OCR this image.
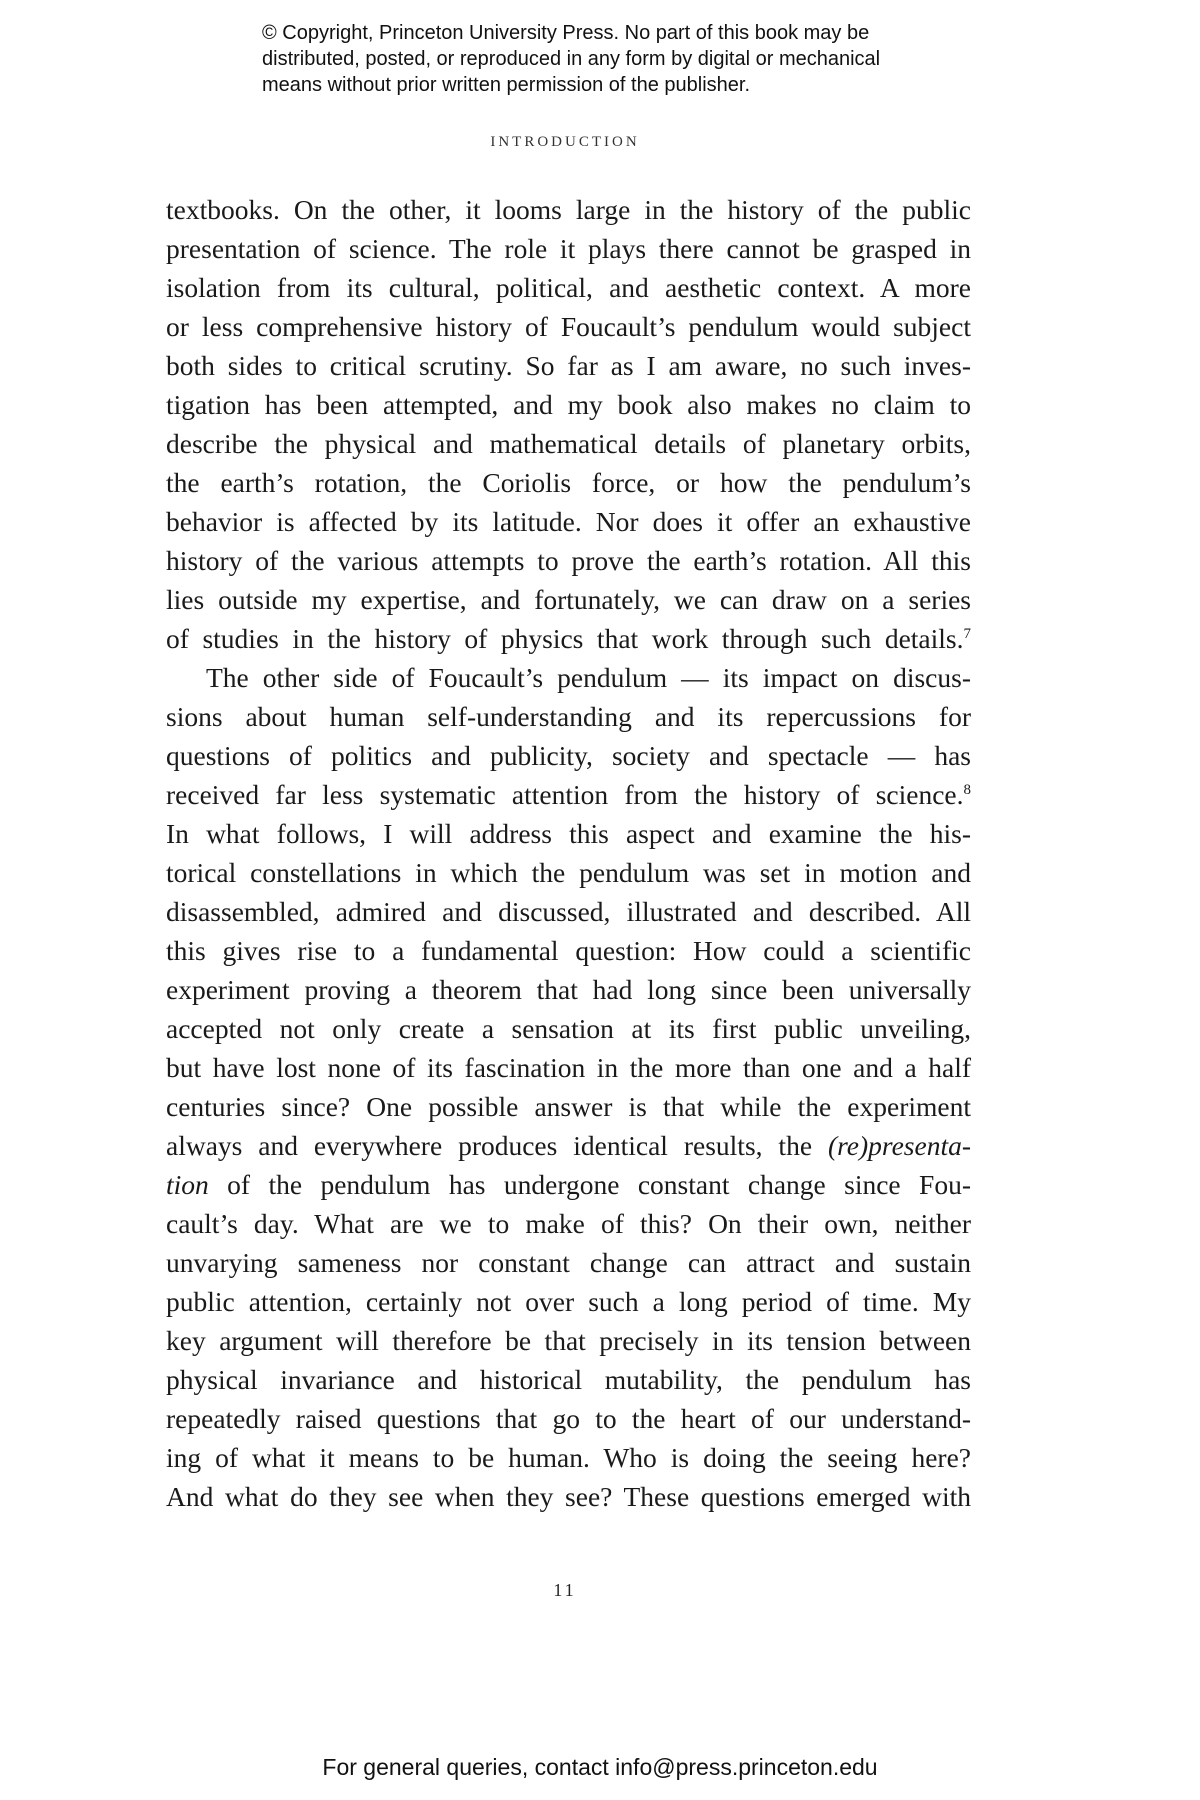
© Copyright, Princeton University Press. No part of this book may be
distributed, posted, or reproduced in any form by digital or mechanical
means without prior written permission of the publisher.
INTRODUCTION
textbooks. On the other, it looms large in the history of the public
presentation of science. The role it plays there cannot be grasped in
isolation from its cultural, political, and aesthetic context. A more
or less comprehensive history of Foucault’s pendulum would subject
both sides to critical scrutiny. So far as I am aware, no such inves-
tigation has been attempted, and my book also makes no claim to
describe the physical and mathematical details of planetary orbits,
the earth’s rotation, the Coriolis force, or how the pendulum’s
behavior is affected by its latitude. Nor does it offer an exhaustive
history of the various attempts to prove the earth’s rotation. All this
lies outside my expertise, and fortunately, we can draw on a series
of studies in the history of physics that work through such details.$^7$
The other side of Foucault’s pendulum — its impact on discus-
sions about human self-understanding and its repercussions for
questions of politics and publicity, society and spectacle — has
received far less systematic attention from the history of science.$^8$
In what follows, I will address this aspect and examine the his-
torical constellations in which the pendulum was set in motion and
disassembled, admired and discussed, illustrated and described. All
this gives rise to a fundamental question: How could a scientific
experiment proving a theorem that had long since been universally
accepted not only create a sensation at its first public unveiling,
but have lost none of its fascination in the more than one and a half
centuries since? One possible answer is that while the experiment
always and everywhere produces identical results, the (re)presenta-
tion of the pendulum has undergone constant change since Fou-
cault’s day. What are we to make of this? On their own, neither
unvarying sameness nor constant change can attract and sustain
public attention, certainly not over such a long period of time. My
key argument will therefore be that precisely in its tension between
physical invariance and historical mutability, the pendulum has
repeatedly raised questions that go to the heart of our understand-
ing of what it means to be human. Who is doing the seeing here?
And what do they see when they see? These questions emerged with
11
For general queries, contact info@press.princeton.edu
